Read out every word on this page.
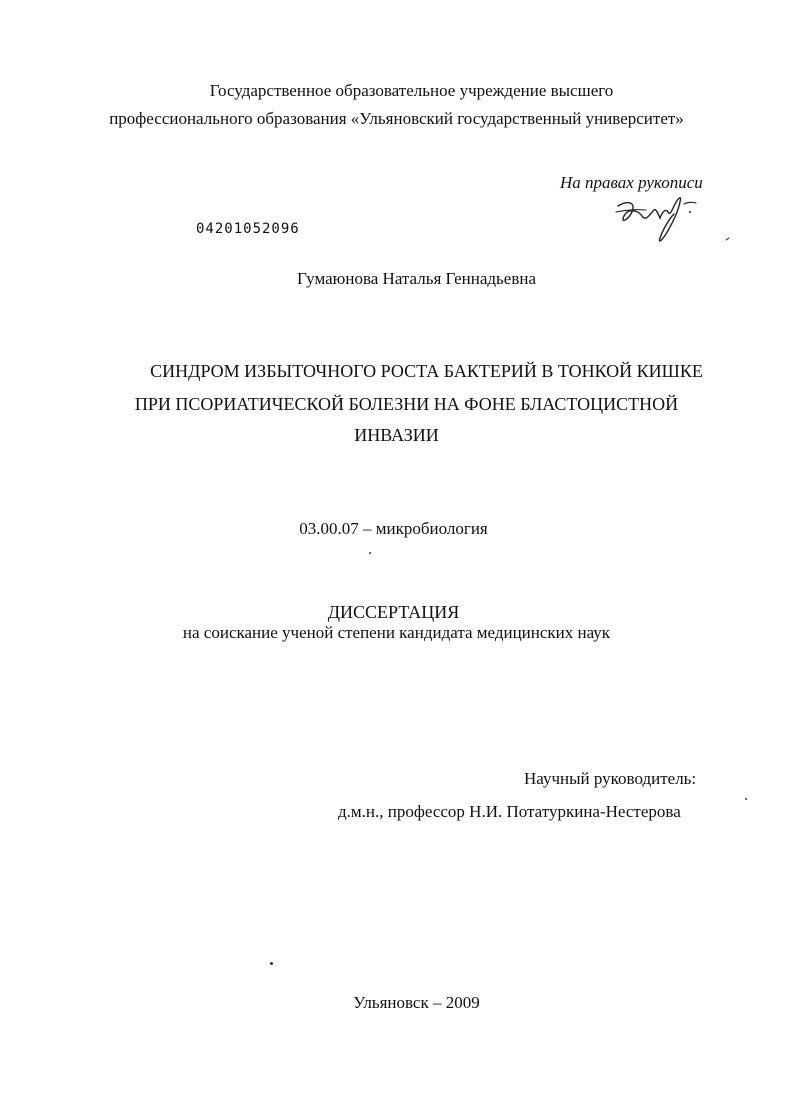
Государственное образовательное учреждение высшего
профессионального образования «Ульяновский государственный университет»
На правах рукописи
04201052096
Гумаюнова Наталья Геннадьевна
СИНДРОМ ИЗБЫТОЧНОГО РОСТА БАКТЕРИЙ В ТОНКОЙ КИШКЕ
ПРИ ПСОРИАТИЧЕСКОЙ БОЛЕЗНИ НА ФОНЕ БЛАСТОЦИСТНОЙ
ИНВАЗИИ
03.00.07 – микробиология
ДИССЕРТАЦИЯ
на соискание ученой степени кандидата медицинских наук
Научный руководитель:
д.м.н., профессор Н.И. Потатуркина-Нестерова
Ульяновск – 2009
